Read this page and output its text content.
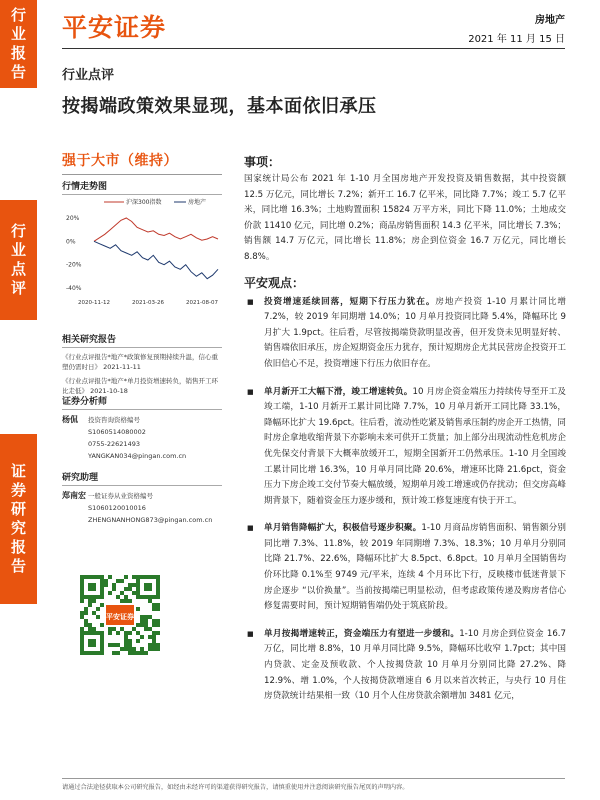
行业报告
行业点评
证券研究报告
平安证券	房地产
2021 年 11 月 15 日
行业点评
按揭端政策效果显现，基本面依旧承压
强于大市（维持）
行情走势图
沪深300指数	房地产
20%
0%
-20%
-40%
2020-11-12	2021-03-26	2021-08-07
相关研究报告
《行业点评报告*地产*政策修复预期持续升温，信心重塑仍需时日》 2021-11-11
《行业点评报告*地产*单月投资增速转负，销售开工环比走低》 2021-10-18
证券分析师
杨侃	投资咨询资格编号
S1060514080002
0755-22621493
YANGKAN034@pingan.com.cn
研究助理
郑南宏 一般证券从业资格编号
S1060120010016
ZHENGNANHONG873@pingan.com.cn
平安证券
事项：
国家统计局公布 2021 年 1-10 月全国房地产开发投资及销售数据，其中投资额 12.5 万亿元，同比增长 7.2%；新开工 16.7 亿平米，同比降 7.7%；竣工 5.7 亿平米，同比增 16.3%；土地购置面积 15824 万平方米，同比下降 11.0%；土地成交价款 11410 亿元，同比增 0.2%；商品房销售面积 14.3 亿平米，同比增长 7.3%；销售额 14.7 万亿元，同比增长 11.8%；房企到位资金 16.7 万亿元，同比增长 8.8%。
平安观点：
■ 投资增速延续回落，短期下行压力犹在。房地产投资 1-10 月累计同比增 7.2%，较 2019 年同期增 14.0%；10 月单月投资同比降 5.4%，降幅环比 9 月扩大 1.9pct。往后看，尽管按揭端贷款明显改善，但开发贷未见明显好转、销售端依旧承压，房企短期资金压力犹存，预计短期房企尤其民营房企投资开工依旧信心不足，投资增速下行压力依旧存在。
■ 单月新开工大幅下滑，竣工增速转负。10 月房企资金端压力持续传导至开工及竣工端，1-10 月新开工累计同比降 7.7%，10 月单月新开工同比降 33.1%，降幅环比扩大 19.6pct。往后看，流动性吃紧及销售承压制约房企开工热情，同时房企拿地收缩背景下亦影响未来可供开工货量；加上部分出现流动性危机房企优先保交付背景下大概率放缓开工，短期全国新开工仍然承压。1-10 月全国竣工累计同比增 16.3%，10 月单月同比降 20.6%，增速环比降 21.6pct，资金压力下房企竣工交付节奏大幅放缓，短期单月竣工增速或仍存扰动；但交房高峰期背景下，随着资金压力逐步缓和，预计竣工修复速度有快于开工。
■ 单月销售降幅扩大，积极信号逐步积聚。1-10 月商品房销售面积、销售额分别同比增 7.3%、11.8%，较 2019 年同期增 7.3%、18.3%；10 月单月分别同比降 21.7%、22.6%，降幅环比扩大 8.5pct、6.8pct。10 月单月全国销售均价环比降 0.1%至 9749 元/平米，连续 4 个月环比下行，反映楼市低迷背景下房企逐步 “以价换量”。当前按揭端已明显松动，但考虑政策传递及购房者信心修复需要时间，预计短期销售端仍处于筑底阶段。
■ 单月按揭增速转正，资金端压力有望进一步缓和。1-10 月房企到位资金 16.7 万亿，同比增 8.8%，10 月单月同比降 9.5%，降幅环比收窄 1.7pct；其中国内贷款、定金及预收款、个人按揭贷款 10 月单月分别同比降 27.2%、降 12.9%、增 1.0%，个人按揭贷款增速自 6 月以来首次转正，与央行 10 月住房贷款统计结果相一致（10 月个人住房贷款余额增加 3481 亿元，
请通过合法途径获取本公司研究报告，如经由未经许可的渠道获得研究报告，请慎重使用并注意阅读研究报告尾页的声明内容。
